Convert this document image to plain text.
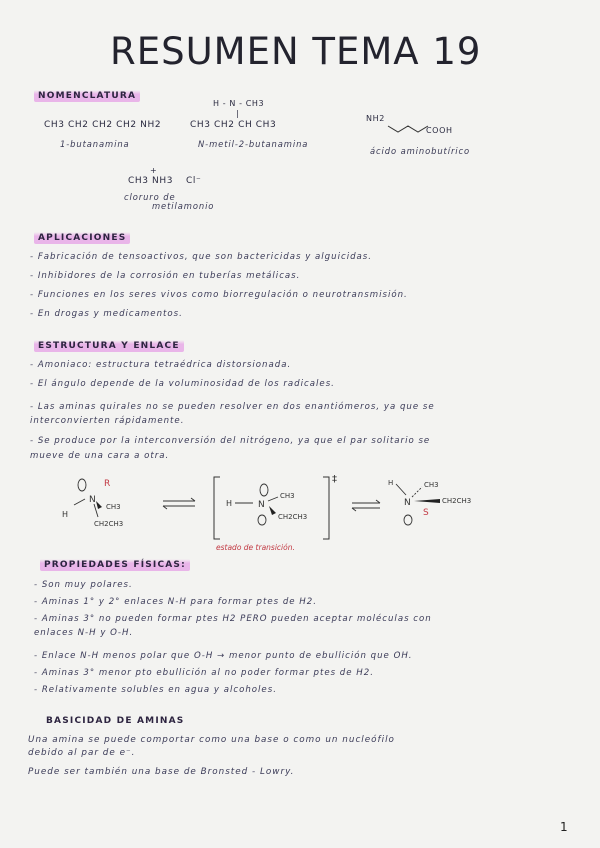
RESUMEN TEMA 19
NOMENCLATURA
CH3 CH2 CH2 CH2 NH2
1-butanamina
H - N - CH3
|
CH3 CH2 CH CH3
N-metil-2-butanamina
NH2
COOH
ácido aminobutírico
+
CH3 NH3 Cl⁻
cloruro de
metilamonio
APLICACIONES
- Fabricación de tensoactivos, que son bactericidas y alguicidas.
- Inhibidores de la corrosión en tuberías metálicas.
- Funciones en los seres vivos como biorregulación o neurotransmisión.
- En drogas y medicamentos.
ESTRUCTURA Y ENLACE
- Amoniaco: estructura tetraédrica distorsionada.
- El ángulo depende de la voluminosidad de los radicales.
- Las aminas quirales no se pueden resolver en dos enantiómeros, ya que se
interconvierten rápidamente.
- Se produce por la interconversión del nitrógeno, ya que el par solitario se
mueve de una cara a otra.
N
R
H
CH3
CH2CH3
‡
H	N
CH3
CH2CH3
estado de transición.
H
N
CH3
CH2CH3
S
PROPIEDADES FÍSICAS:
- Son muy polares.
- Aminas 1° y 2° enlaces N-H para formar ptes de H2.
- Aminas 3° no pueden formar ptes H2 PERO pueden aceptar moléculas con
enlaces N-H y O-H.
- Enlace N-H menos polar que O-H → menor punto de ebullición que OH.
- Aminas 3° menor pto ebullición al no poder formar ptes de H2.
- Relativamente solubles en agua y alcoholes.
BASICIDAD DE AMINAS
Una amina se puede comportar como una base o como un nucleófilo
debido al par de e⁻.
Puede ser también una base de Bronsted - Lowry.
1
